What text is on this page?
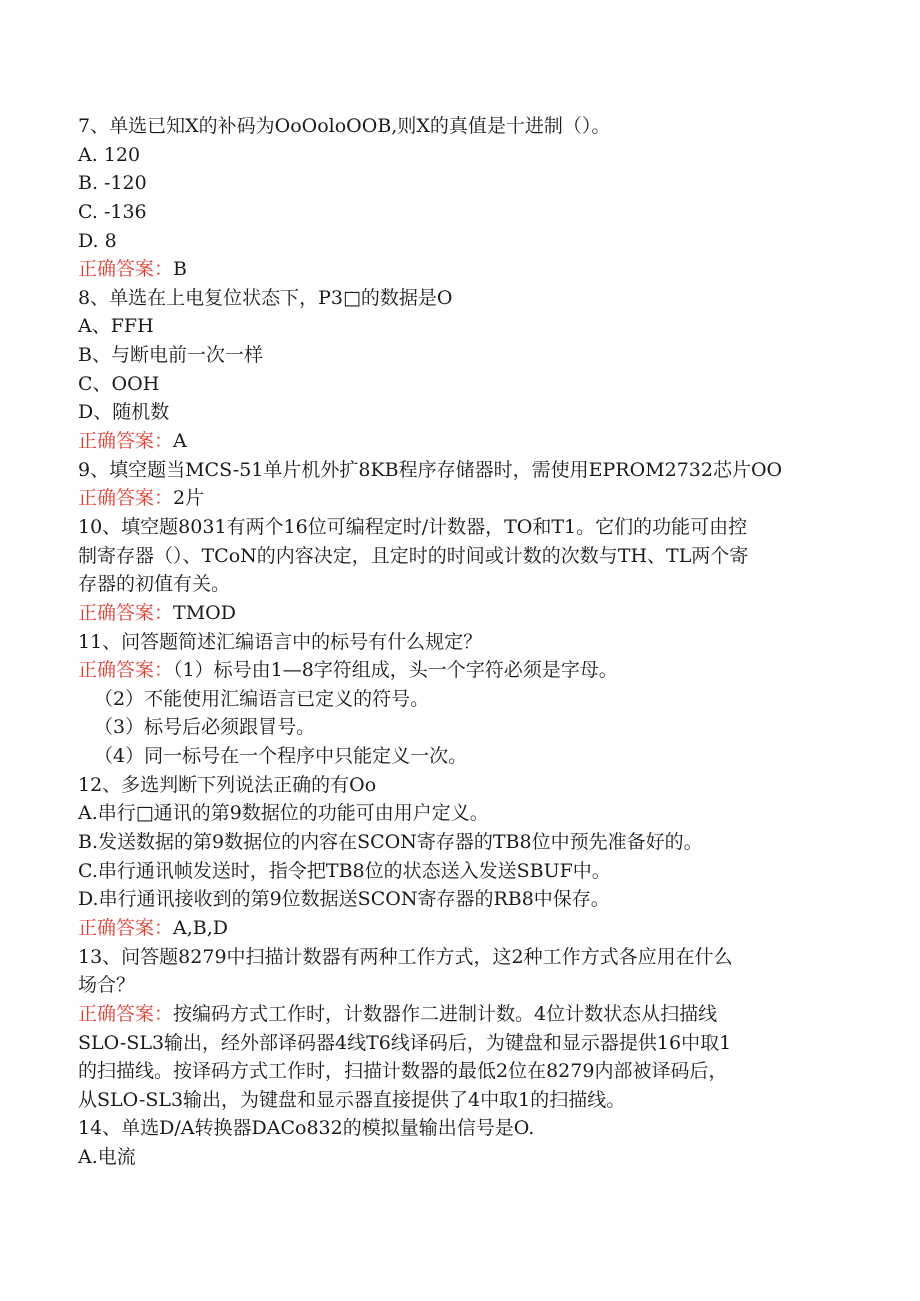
7、单选已知X的补码为OoOoloOOB,则X的真值是十进制（）。
A. 120
B. -120
C. -136
D. 8
正确答案：B
8、单选在上电复位状态下，P3□的数据是O
A、FFH
B、与断电前一次一样
C、OOH
D、随机数
正确答案：A
9、填空题当MCS-51单片机外扩8KB程序存储器时，需使用EPROM2732芯片OO
正确答案：2片
10、填空题8031有两个16位可编程定时/计数器，TO和T1。它们的功能可由控
制寄存器（）、TCoN的内容决定，且定时的时间或计数的次数与TH、TL两个寄
存器的初值有关。
正确答案：TMOD
11、问答题简述汇编语言中的标号有什么规定？
正确答案：（1）标号由1—8字符组成，头一个字符必须是字母。
（2）不能使用汇编语言已定义的符号。
（3）标号后必须跟冒号。
（4）同一标号在一个程序中只能定义一次。
12、多选判断下列说法正确的有Oo
A.串行□通讯的第9数据位的功能可由用户定义。
B.发送数据的第9数据位的内容在SCON寄存器的TB8位中预先准备好的。
C.串行通讯帧发送时，指令把TB8位的状态送入发送SBUF中。
D.串行通讯接收到的第9位数据送SCON寄存器的RB8中保存。
正确答案：A,B,D
13、问答题8279中扫描计数器有两种工作方式，这2种工作方式各应用在什么
场合？
正确答案：按编码方式工作时，计数器作二进制计数。4位计数状态从扫描线
SLO-SL3输出，经外部译码器4线T6线译码后，为键盘和显示器提供16中取1
的扫描线。按译码方式工作时，扫描计数器的最低2位在8279内部被译码后，
从SLO-SL3输出，为键盘和显示器直接提供了4中取1的扫描线。
14、单选D/A转换器DACo832的模拟量输出信号是O.
A.电流
